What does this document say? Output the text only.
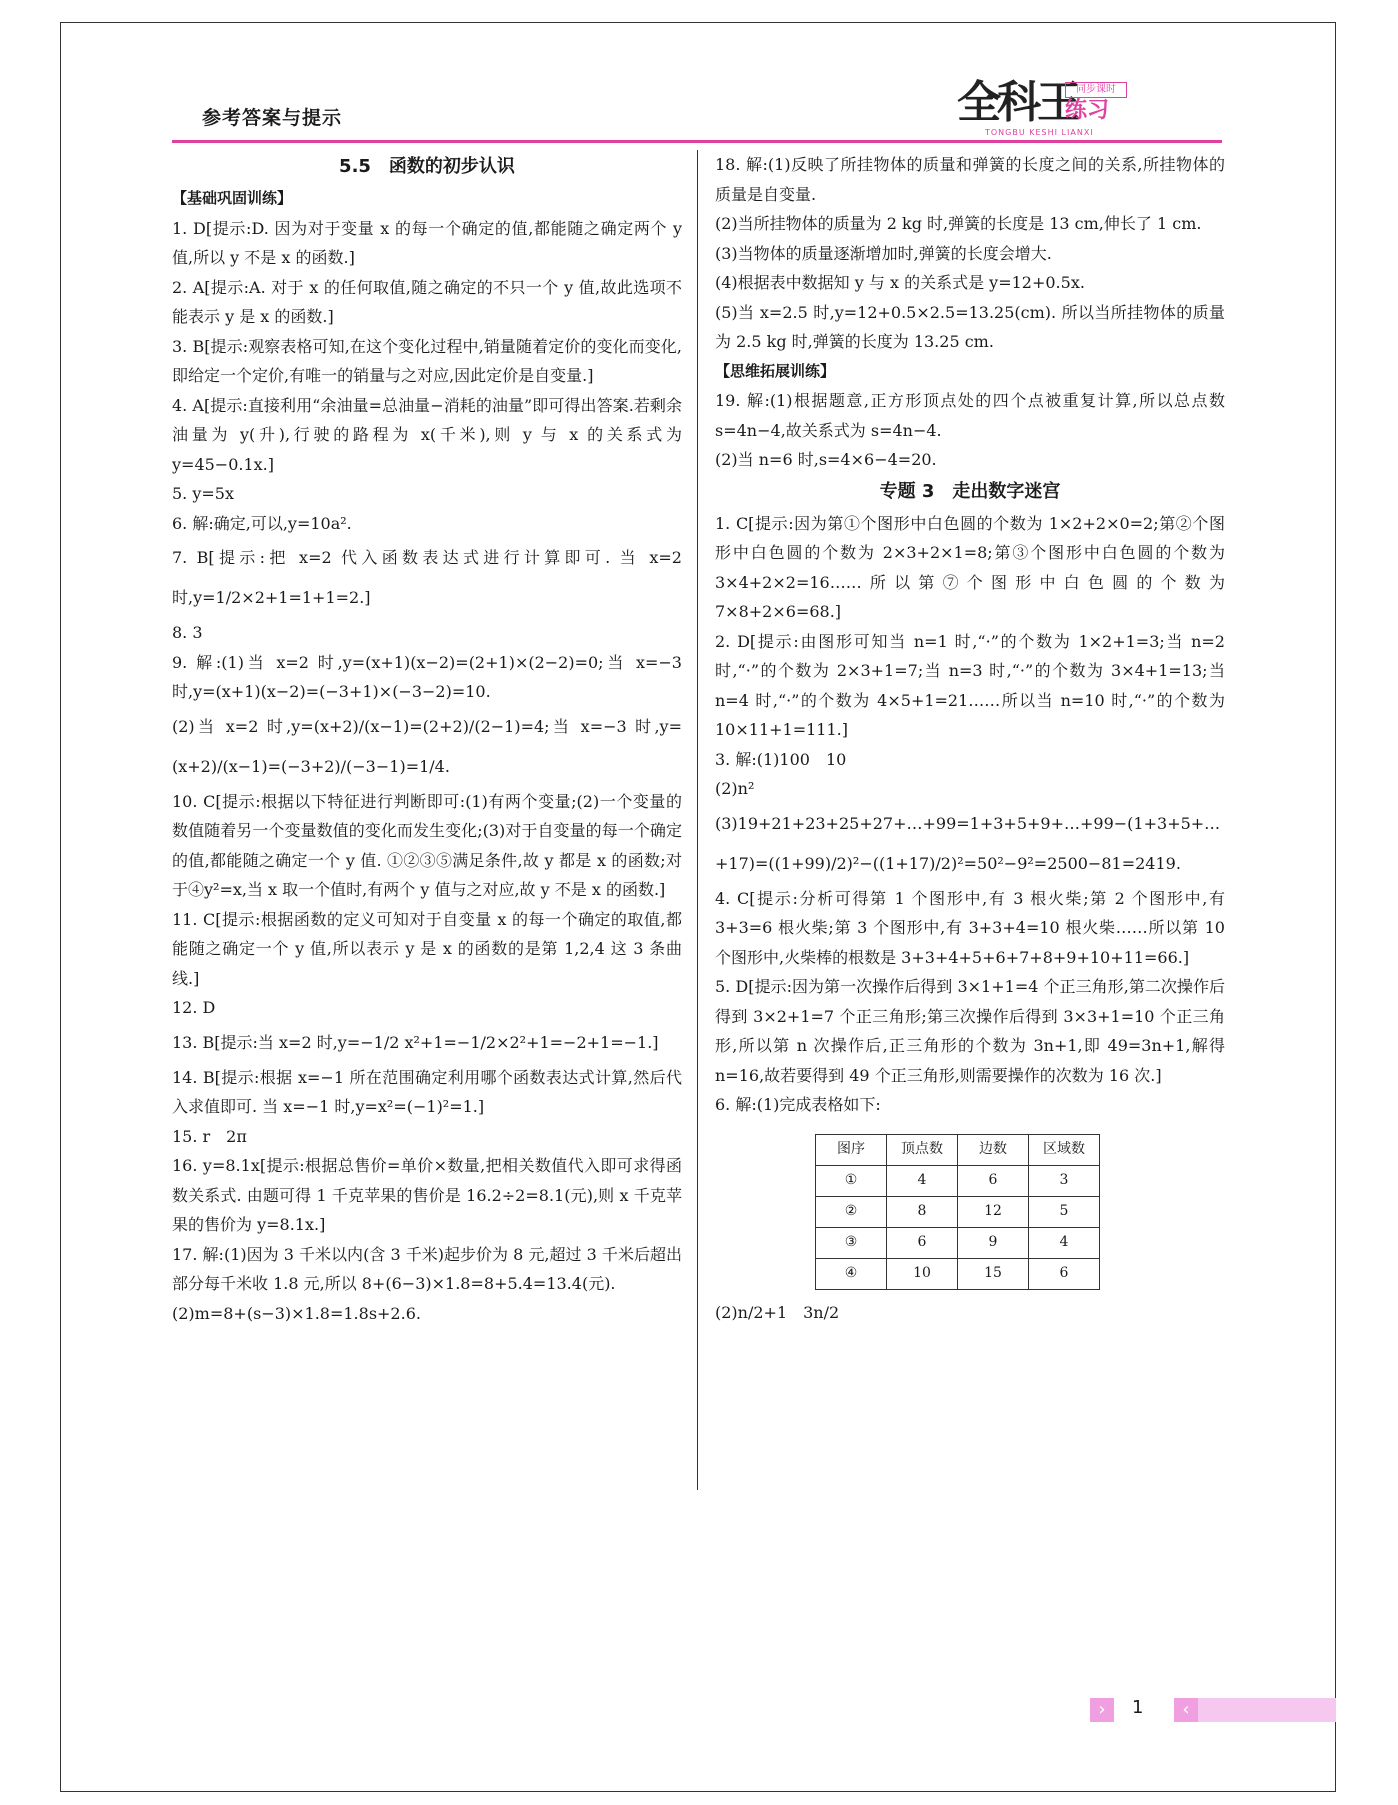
参考答案与提示	全科王 同步课时
练习
TONGBU KESHI LIANXI
5.5　函数的初步认识
【基础巩固训练】

1. D[提示:D. 因为对于变量 x 的每一个确定的值,都能随之确定两个 y 值,所以 y 不是 x 的函数.]

2. A[提示:A. 对于 x 的任何取值,随之确定的不只一个 y 值,故此选项不能表示 y 是 x 的函数.]

3. B[提示:观察表格可知,在这个变化过程中,销量随着定价的变化而变化,即给定一个定价,有唯一的销量与之对应,因此定价是自变量.]

4. A[提示:直接利用“余油量=总油量−消耗的油量”即可得出答案.若剩余油量为 y(升),行驶的路程为 x(千米),则 y 与 x 的关系式为 y=45−0.1x.]

5. y=5x

6. 解:确定,可以,y=10a².

7. B[提示:把 x=2 代入函数表达式进行计算即可. 当 x=2 时,y=1/2×2+1=1+1=2.]

8. 3

9. 解:(1)当 x=2 时,y=(x+1)(x−2)=(2+1)×(2−2)=0;当 x=−3 时,y=(x+1)(x−2)=(−3+1)×(−3−2)=10.

(2)当 x=2 时,y=(x+2)/(x−1)=(2+2)/(2−1)=4;当 x=−3 时,y=(x+2)/(x−1)=(−3+2)/(−3−1)=1/4.

10. C[提示:根据以下特征进行判断即可:(1)有两个变量;(2)一个变量的数值随着另一个变量数值的变化而发生变化;(3)对于自变量的每一个确定的值,都能随之确定一个 y 值. ①②③⑤满足条件,故 y 都是 x 的函数;对于④y²=x,当 x 取一个值时,有两个 y 值与之对应,故 y 不是 x 的函数.]

11. C[提示:根据函数的定义可知对于自变量 x 的每一个确定的取值,都能随之确定一个 y 值,所以表示 y 是 x 的函数的是第 1,2,4 这 3 条曲线.]

12. D

13. B[提示:当 x=2 时,y=−1/2 x²+1=−1/2×2²+1=−2+1=−1.]

14. B[提示:根据 x=−1 所在范围确定利用哪个函数表达式计算,然后代入求值即可. 当 x=−1 时,y=x²=(−1)²=1.]

15. r　2π

16. y=8.1x[提示:根据总售价=单价×数量,把相关数值代入即可求得函数关系式. 由题可得 1 千克苹果的售价是 16.2÷2=8.1(元),则 x 千克苹果的售价为 y=8.1x.]

17. 解:(1)因为 3 千米以内(含 3 千米)起步价为 8 元,超过 3 千米后超出部分每千米收 1.8 元,所以 8+(6−3)×1.8=8+5.4=13.4(元).

(2)m=8+(s−3)×1.8=1.8s+2.6.

18. 解:(1)反映了所挂物体的质量和弹簧的长度之间的关系,所挂物体的质量是自变量.

(2)当所挂物体的质量为 2 kg 时,弹簧的长度是 13 cm,伸长了 1 cm.

(3)当物体的质量逐渐增加时,弹簧的长度会增大.

(4)根据表中数据知 y 与 x 的关系式是 y=12+0.5x.

(5)当 x=2.5 时,y=12+0.5×2.5=13.25(cm). 所以当所挂物体的质量为 2.5 kg 时,弹簧的长度为 13.25 cm.

【思维拓展训练】

19. 解:(1)根据题意,正方形顶点处的四个点被重复计算,所以总点数 s=4n−4,故关系式为 s=4n−4.

(2)当 n=6 时,s=4×6−4=20.

专题 3　走出数字迷宫

1. C[提示:因为第①个图形中白色圆的个数为 1×2+2×0=2;第②个图形中白色圆的个数为 2×3+2×1=8;第③个图形中白色圆的个数为 3×4+2×2=16……所以第⑦个图形中白色圆的个数为 7×8+2×6=68.]

2. D[提示:由图形可知当 n=1 时,“·”的个数为 1×2+1=3;当 n=2 时,“·”的个数为 2×3+1=7;当 n=3 时,“·”的个数为 3×4+1=13;当 n=4 时,“·”的个数为 4×5+1=21……所以当 n=10 时,“·”的个数为 10×11+1=111.]

3. 解:(1)100　10

(2)n²

(3)19+21+23+25+27+…+99=1+3+5+9+…+99−(1+3+5+…+17)=((1+99)/2)²−((1+17)/2)²=50²−9²=2500−81=2419.

4. C[提示:分析可得第 1 个图形中,有 3 根火柴;第 2 个图形中,有 3+3=6 根火柴;第 3 个图形中,有 3+3+4=10 根火柴……所以第 10 个图形中,火柴棒的根数是 3+3+4+5+6+7+8+9+10+11=66.]

5. D[提示:因为第一次操作后得到 3×1+1=4 个正三角形,第二次操作后得到 3×2+1=7 个正三角形;第三次操作后得到 3×3+1=10 个正三角形,所以第 n 次操作后,正三角形的个数为 3n+1,即 49=3n+1,解得 n=16,故若要得到 49 个正三角形,则需要操作的次数为 16 次.]

6. 解:(1)完成表格如下:

图序	顶点数	边数	区域数
①	4	6	3
②	8	12	5
③	6	9	4
④	10	15	6

(2)n/2+1　3n/2

›	1	‹
